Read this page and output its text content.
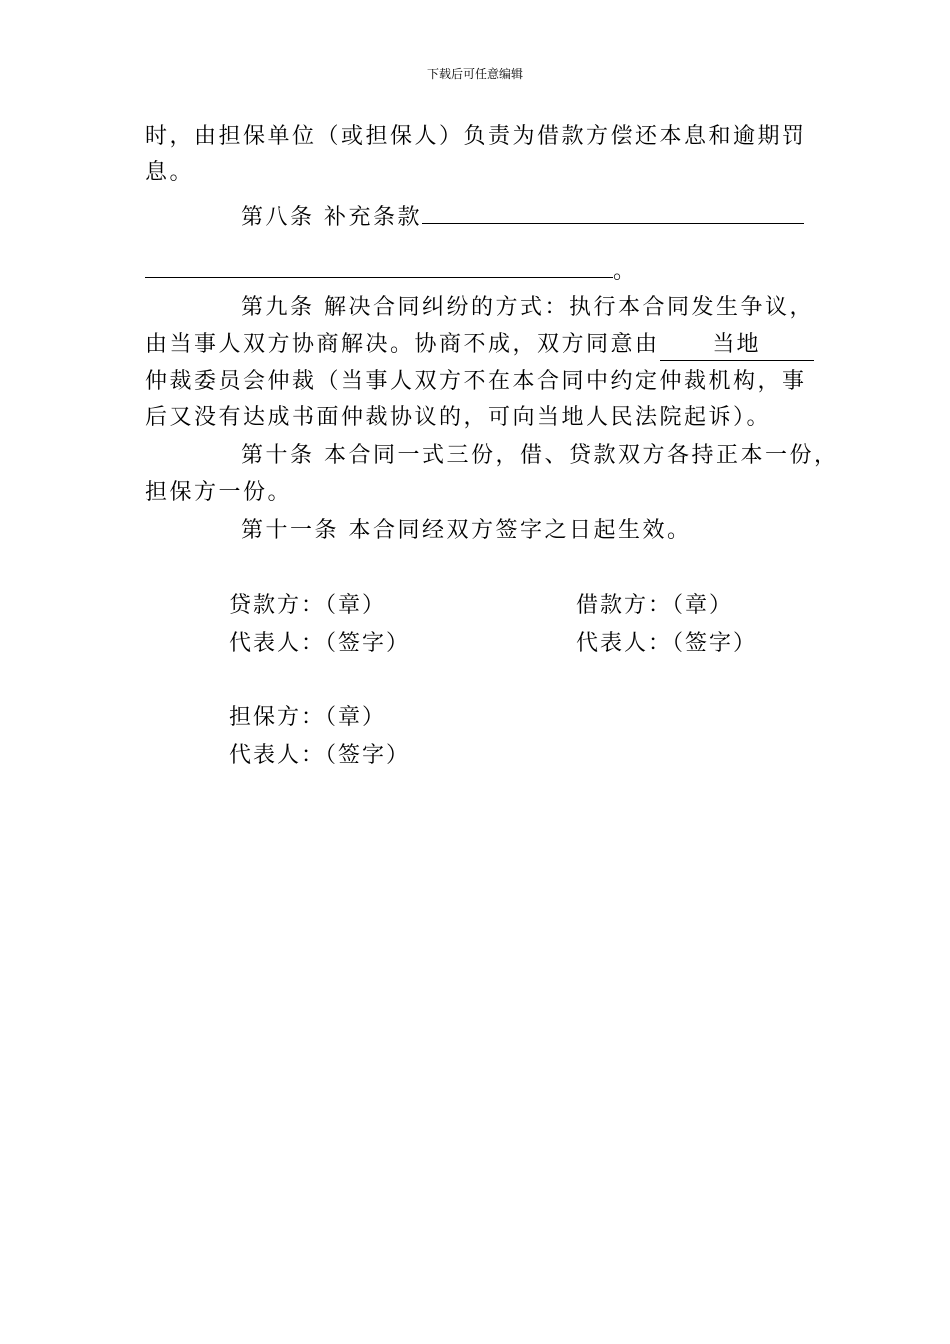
下载后可任意编辑
时，由担保单位（或担保人）负责为借款方偿还本息和逾期罚
息。
第八条 补充条款
。
第九条 解决合同纠纷的方式：执行本合同发生争议，
由当事人双方协商解决。协商不成，双方同意由 当地
仲裁委员会仲裁（当事人双方不在本合同中约定仲裁机构，事
后又没有达成书面仲裁协议的，可向当地人民法院起诉）。
第十条 本合同一式三份，借、贷款双方各持正本一份，
担保方一份。
第十一条 本合同经双方签字之日起生效。
贷款方：（章）
代表人：（签字）
借款方：（章）
代表人：（签字）
担保方：（章）
代表人：（签字）
